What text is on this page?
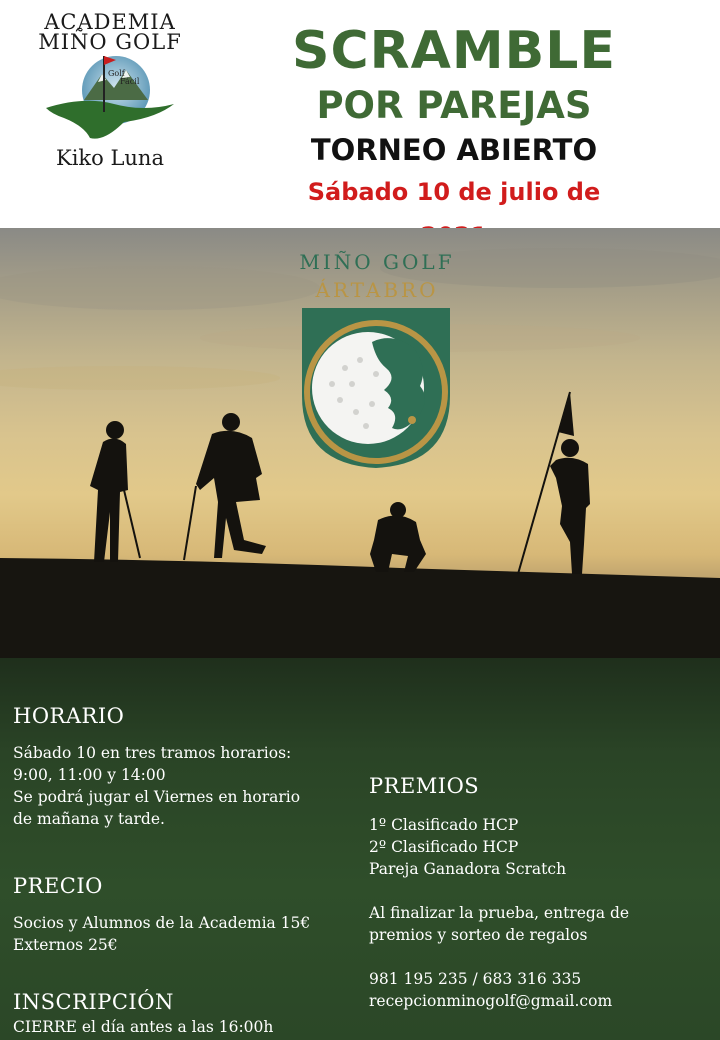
ACADEMIA
MIÑO GOLF
Golf
Fácil
Kiko Luna
SCRAMBLE
POR PAREJAS
TORNEO ABIERTO
Sábado 10 de julio de
MIÑO GOLF
ÁRTABRO
HORARIO
Sábado 10 en tres tramos horarios:
9:00, 11:00 y 14:00
Se podrá jugar el Viernes en horario
de mañana y tarde.
PRECIO
Socios y Alumnos de la Academia 15€
Externos 25€
INSCRIPCIÓN
CIERRE el día antes a las 16:00h
PREMIOS
1º Clasificado HCP
2º Clasificado HCP
Pareja Ganadora Scratch
Al finalizar la prueba, entrega de
premios y sorteo de regalos
981 195 235 / 683 316 335
recepcionminogolf@gmail.com
